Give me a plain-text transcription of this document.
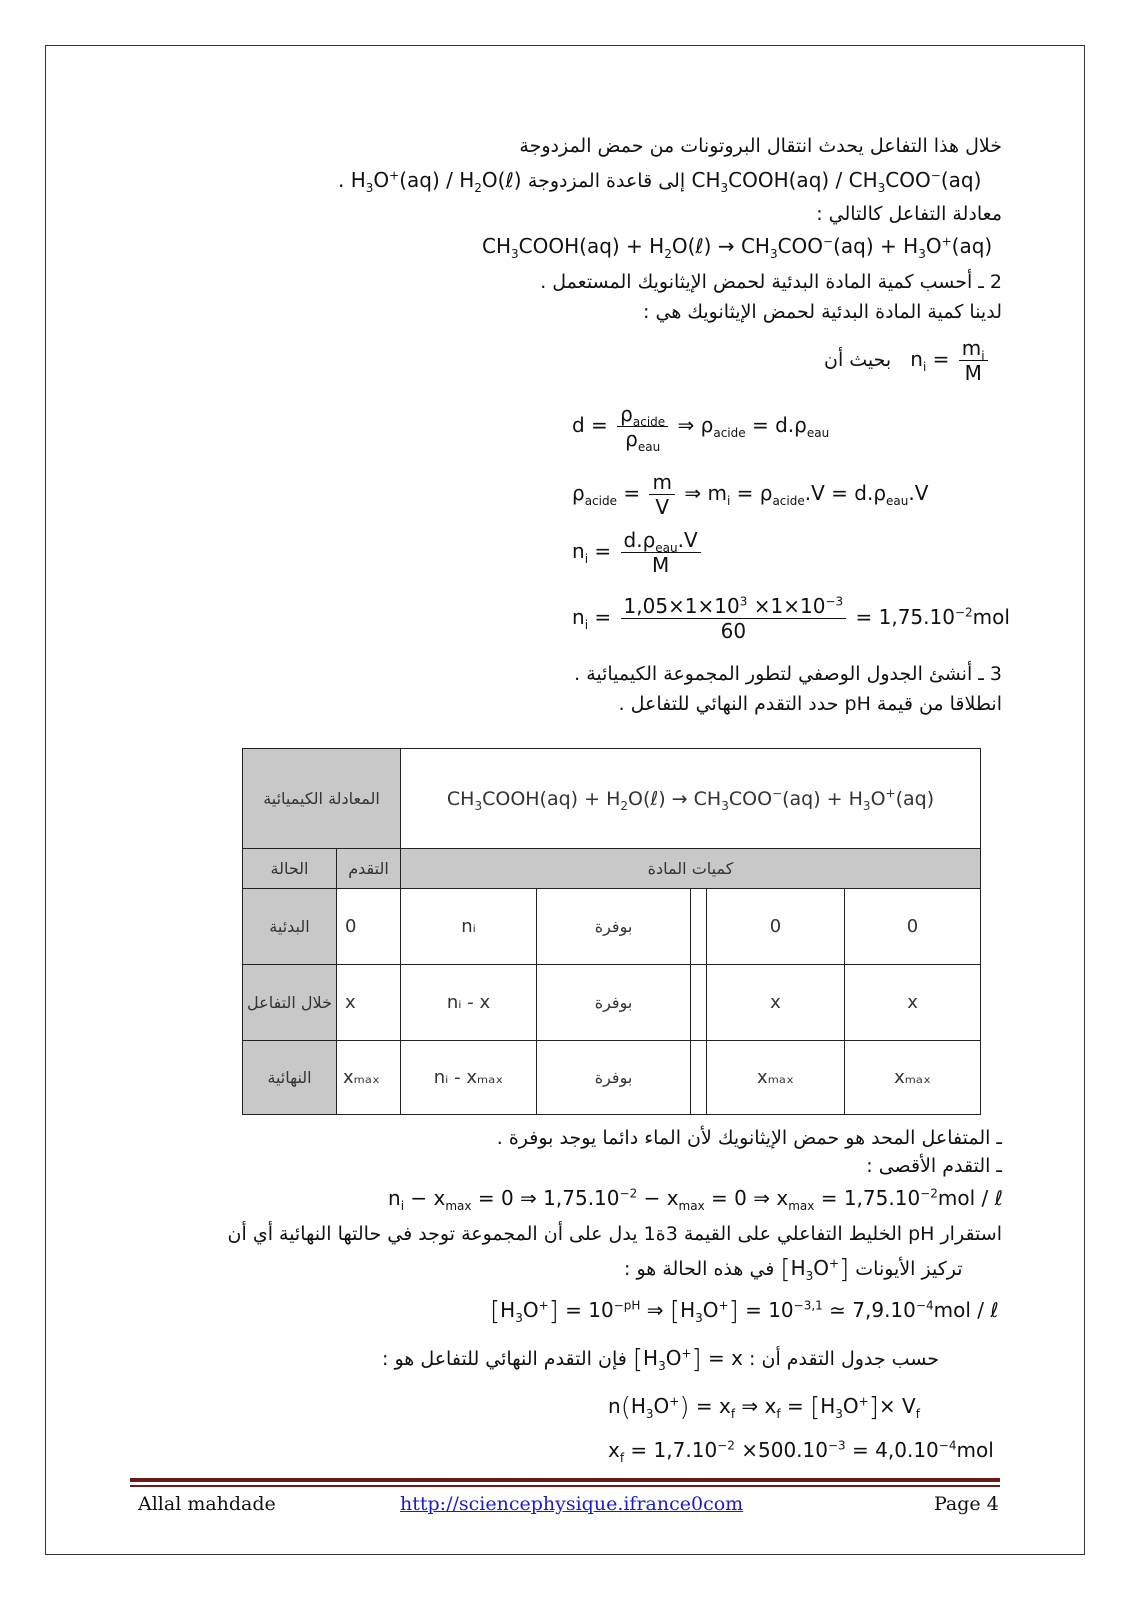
خلال هذا التفاعل يحدث انتقال البروتونات من حمض المزدوجة
. $H_3O^+(aq)$ / $H_2O(\ell)$ إلى قاعدة المزدوجة $CH_3COOH(aq) / CH_3COO^-(aq)$
معادلة التفاعل كالتالي :
$CH_3COOH(aq)$ + $H_2O(\ell) \to CH_3COO^-(aq) + H_3O^+(aq)$
2 ـ أحسب كمية المادة البدئية لحمض الإيثانويك المستعمل .
لدينا كمية المادة البدئية لحمض الإيثانويك هي :
بحيث أن   $n_i = \frac{m_i}{M}$
$d = \frac{\rho_{acide}}{\rho_{eau}}$ ⇒ $\rho_{acide} = d.\rho_{eau}$
$\rho_{acide} = \frac{m}{V}$ ⇒ $m_i = \rho_{acide}.V = d.\rho_{eau}.V$
$n_i = \frac{d.\rho_{eau}.V}{M}$
$n_i = \frac{1,05\times 1\times 10^3 \times 1\times 10^{-3}}{60} = 1,75.10^{-2}mol$
3 ـ أنشئ الجدول الوصفي لتطور المجموعة الكيميائية .
انطلاقا من قيمة pH حدد التقدم النهائي للتفاعل .
المعادلة الكيميائية		$CH_3COOH(aq)$ + $H_2O(\ell) \to CH_3COO^-(aq) + H_3O^+(aq)$				
الحالة	التقدم	كميات المادة				
البدئية	0	nᵢ	بوفرة		0	0
خلال التفاعل	x	nᵢ - x	بوفرة		x	x
النهائية	xₘₐₓ	nᵢ - xₘₐₓ	بوفرة		xₘₐₓ	xₘₐₓ
ـ المتفاعل المحد هو حمض الإيثانويك لأن الماء دائما يوجد بوفرة .
ـ التقدم الأقصى :
$n_i - x_{max} = 0$ ⇒ $1,75.10^{-2} - x_{max} = 0$ ⇒ $x_{max} = 1,75.10^{-2}mol$ / ℓ
استقرار pH الخليط التفاعلي على القيمة 3ة1 يدل على أن المجموعة توجد في حالتها النهائية أي أن
في هذه الحالة هو : $[H_3O^+]$ تركيز الأيونات
$[H_3O^+] = 10^{-pH}$ ⇒ $[H_3O^+] = 10^{-3,1}$ ≃ $7,9.10^{-4}mol$ / ℓ
فإن التقدم النهائي للتفاعل هو : $[H_3O^+] = x$ حسب جدول التقدم أن :
$n(H_3O^+) = x_f$ ⇒ $x_f = [H_3O^+]\times V_f$
$x_f = 1,7.10^{-2} \times 500.10^{-3} = 4,0.10^{-4}mol$
Allal mahdade	http://sciencephysique.ifrance0com	Page 4
